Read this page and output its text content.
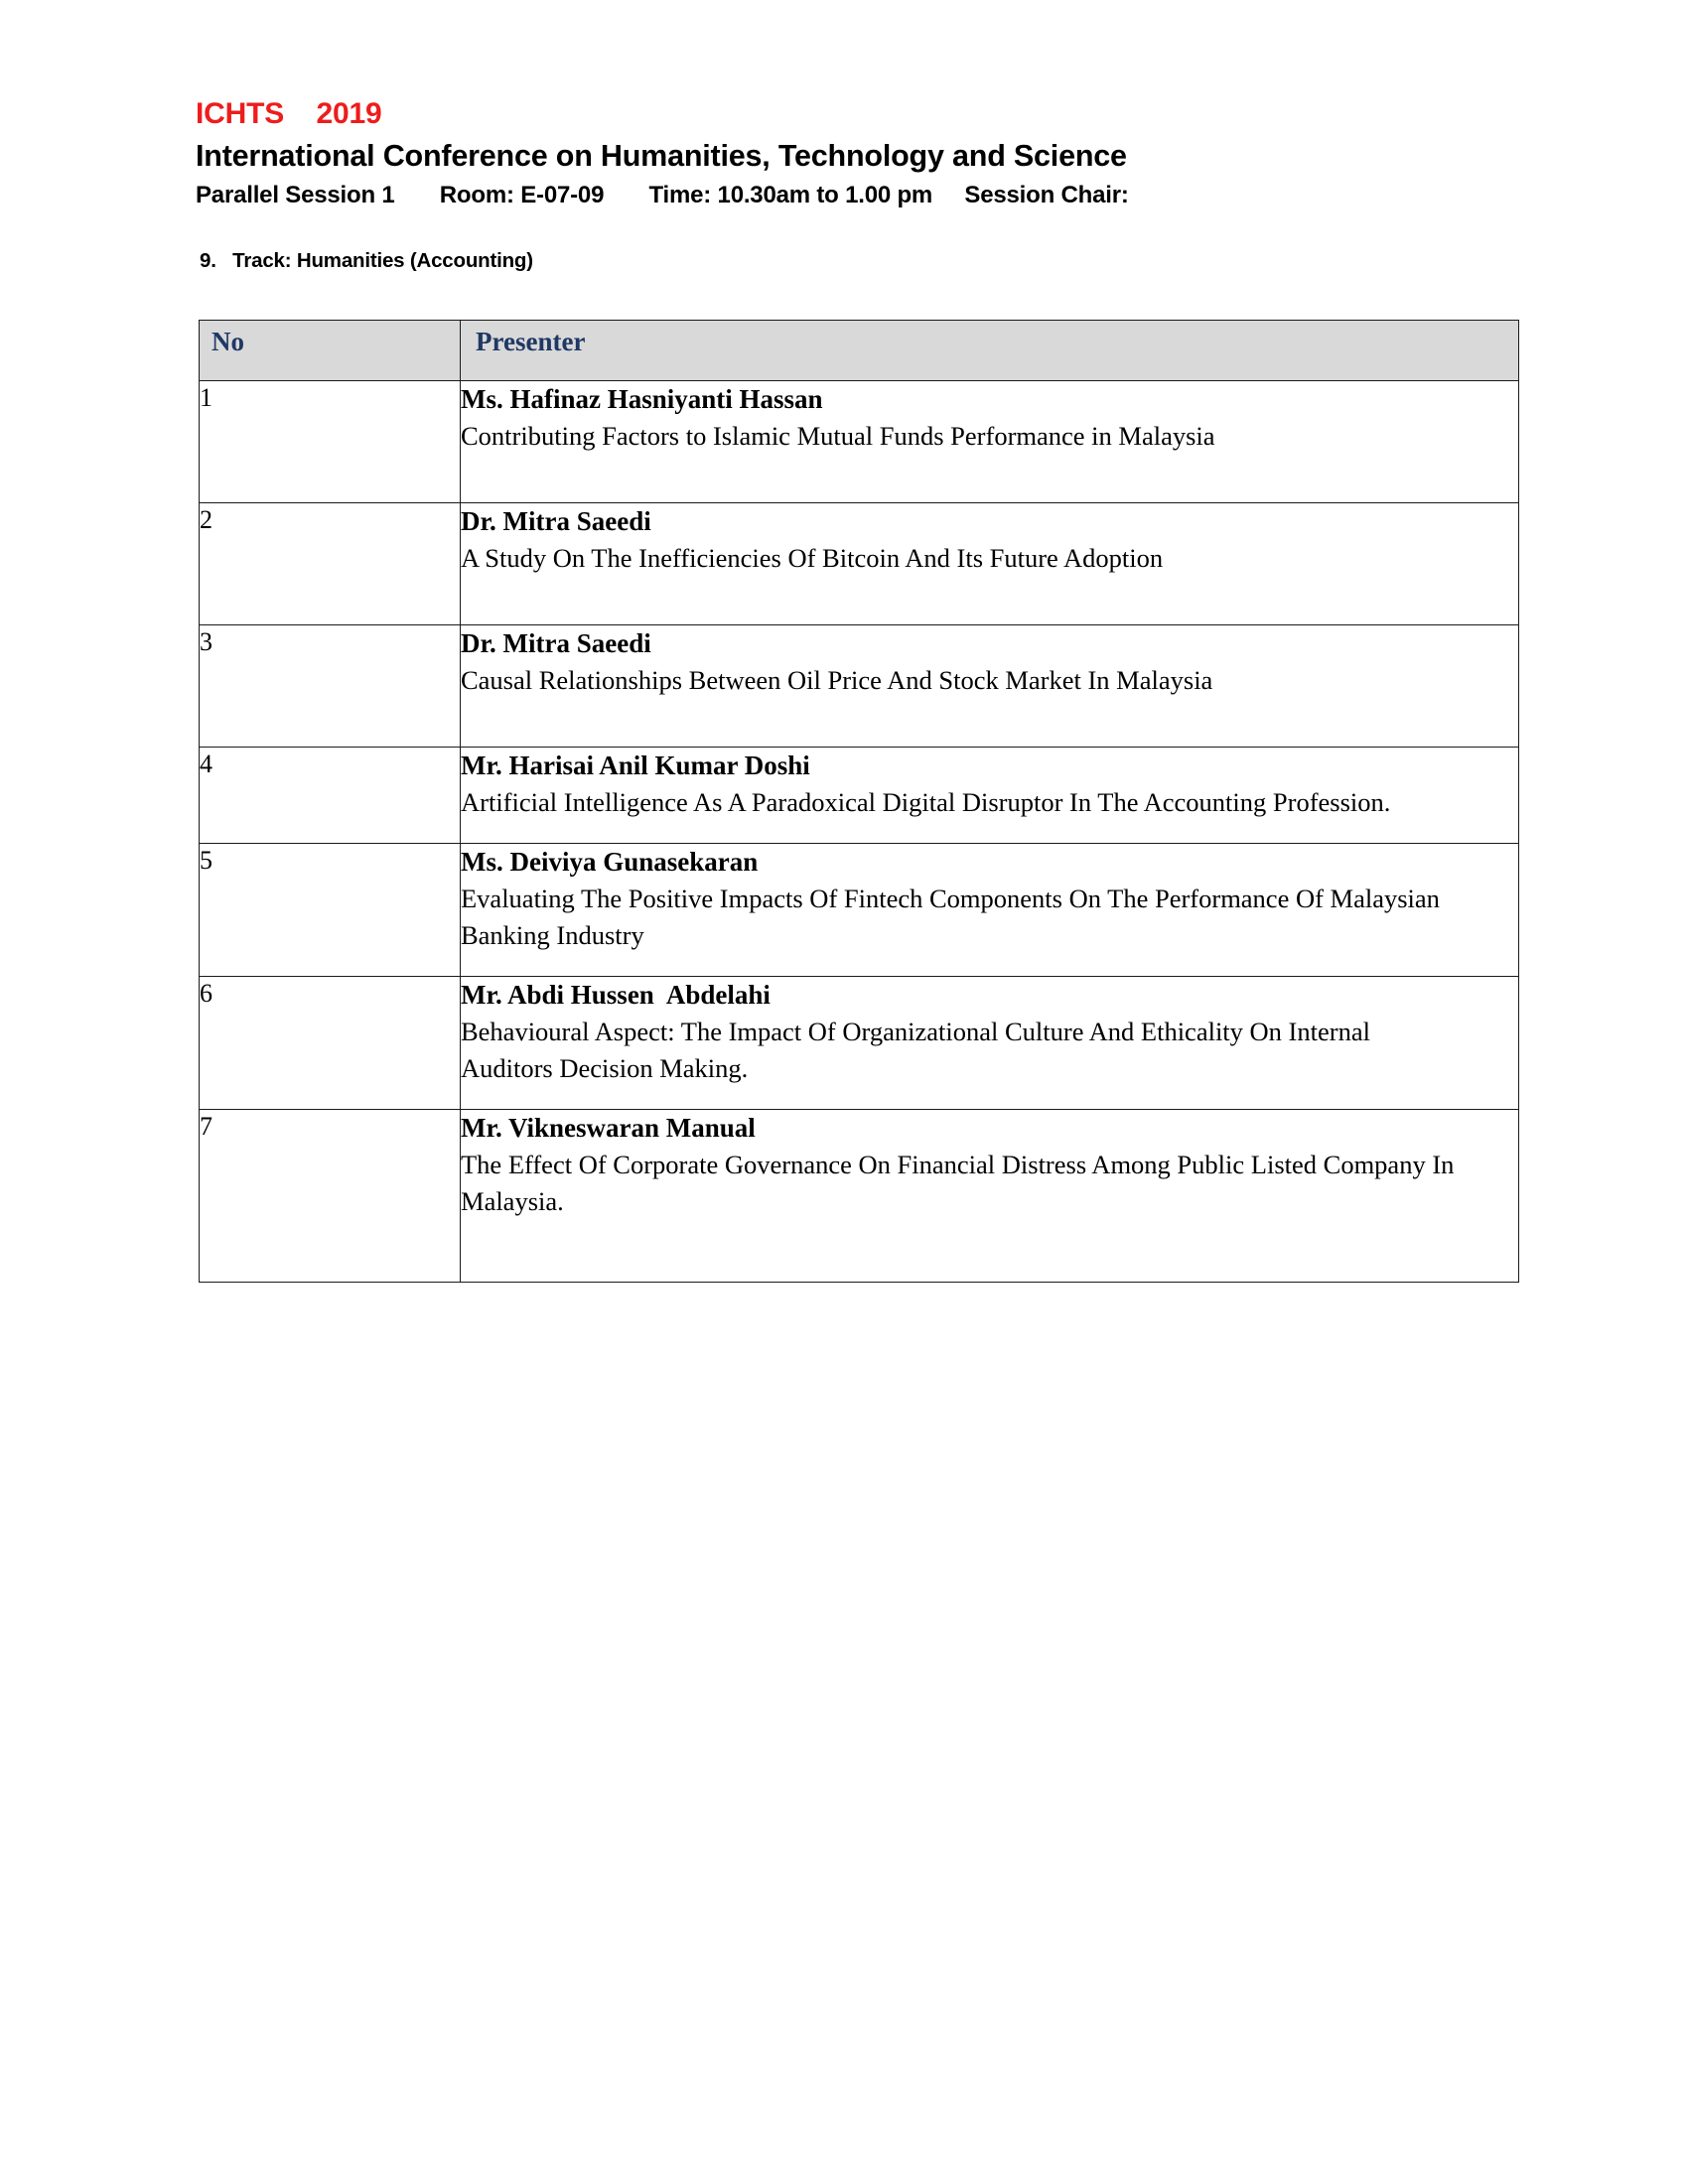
ICHTS    2019
International Conference on Humanities, Technology and Science
Parallel Session 1       Room: E-07-09       Time: 10.30am to 1.00 pm     Session Chair:
9.   Track: Humanities (Accounting)
No	Presenter
1	Ms. Hafinaz Hasniyanti Hassan
Contributing Factors to Islamic Mutual Funds Performance in Malaysia

2	Dr. Mitra Saeedi
A Study On The Inefficiencies Of Bitcoin And Its Future Adoption

3	Dr. Mitra Saeedi
Causal Relationships Between Oil Price And Stock Market In Malaysia

4	Mr. Harisai Anil Kumar Doshi
Artificial Intelligence As A Paradoxical Digital Disruptor In The Accounting Profession.

5	Ms. Deiviya Gunasekaran
Evaluating The Positive Impacts Of Fintech Components On The Performance Of Malaysian Banking Industry

6	Mr. Abdi Hussen  Abdelahi
Behavioural Aspect: The Impact Of Organizational Culture And Ethicality On Internal Auditors Decision Making.

7	Mr. Vikneswaran Manual
The Effect Of Corporate Governance On Financial Distress Among Public Listed Company In Malaysia.
